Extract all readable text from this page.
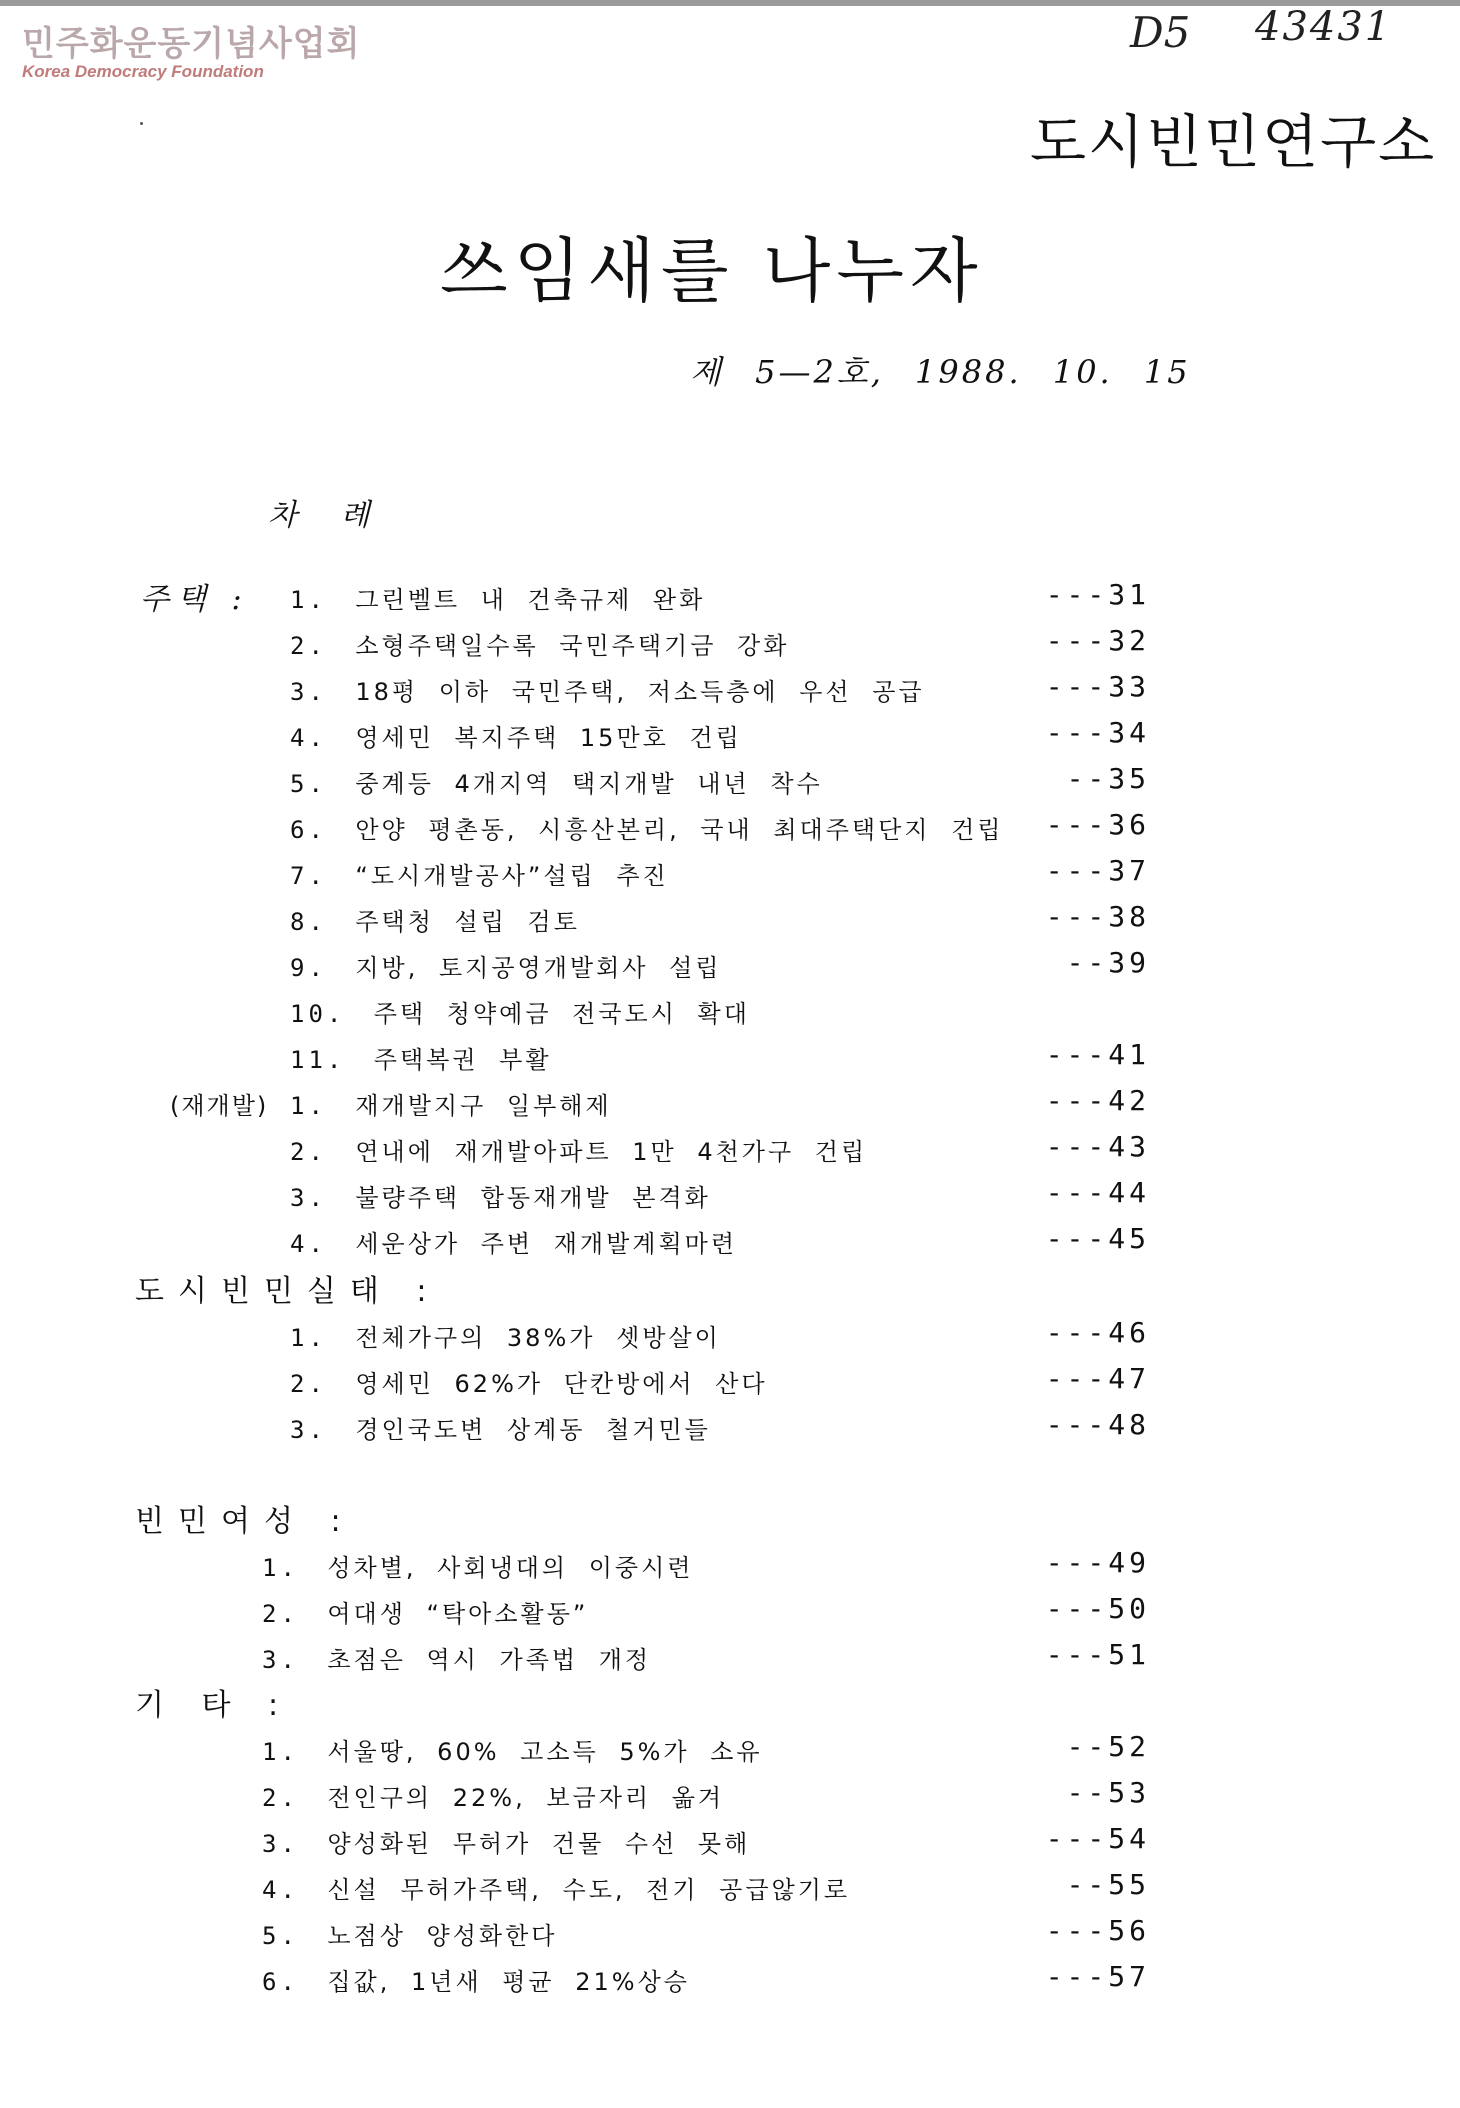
민주화운동기념사업회
Korea Democracy Foundation
D5 43431
도시빈민연구소
쓰임새를 나누자
제 5—2호, 1988. 10. 15
차 례
주택 : 1. 그린벨트 내 건축규제 완화	---31
2. 소형주택일수록 국민주택기금 강화	---32
3. 18평 이하 국민주택, 저소득층에 우선 공급	---33
4. 영세민 복지주택 15만호 건립	---34
5. 중계등 4개지역 택지개발 내년 착수	--35
6. 안양 평촌동, 시흥산본리, 국내 최대주택단지 건립 ---36
7. “도시개발공사”설립 추진	---37
8. 주택청 설립 검토	---38
9. 지방, 토지공영개발회사 설립	--39
10. 주택 청약예금 전국도시 확대
11. 주택복권 부활	---41
(재개발) 1. 재개발지구 일부해제	---42
2. 연내에 재개발아파트 1만 4천가구 건립	---43
3. 불량주택 합동재개발 본격화	---44
4. 세운상가 주변 재개발계획마련	---45
도시빈민실태 :
1. 전체가구의 38%가 셋방살이	---46
2. 영세민 62%가 단칸방에서 산다	---47
3. 경인국도변 상계동 철거민들	---48
빈민여성 :
1. 성차별, 사회냉대의 이중시련	---49
2. 여대생 “탁아소활동”	---50
3. 초점은 역시 가족법 개정	---51
기 타 :
1. 서울땅, 60% 고소득 5%가 소유	--52
2. 전인구의 22%, 보금자리 옮겨	--53
3. 양성화된 무허가 건물 수선 못해	---54
4. 신설 무허가주택, 수도, 전기 공급않기로	--55
5. 노점상 양성화한다	---56
6. 집값, 1년새 평균 21%상승	---57
